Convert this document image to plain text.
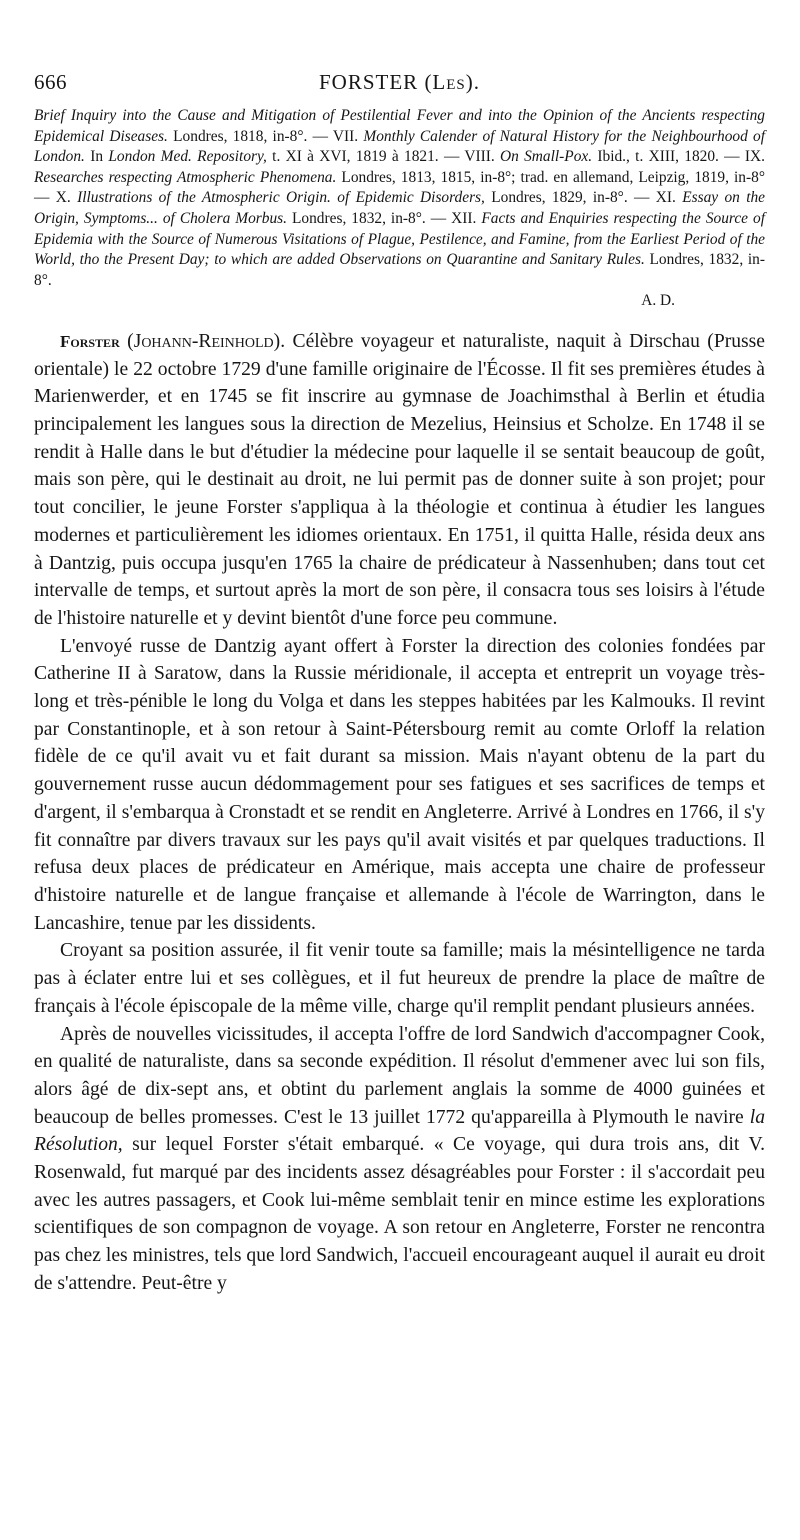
666	FORSTER (Les).
Brief Inquiry into the Cause and Mitigation of Pestilential Fever and into the Opinion of the Ancients respecting Epidemical Diseases. Londres, 1818, in-8°. — VII. Monthly Calender of Natural History for the Neighbourhood of London. In London Med. Repository, t. XI à XVI, 1819 à 1821. — VIII. On Small-Pox. Ibid., t. XIII, 1820. — IX. Researches respecting Atmospheric Phenomena. Londres, 1813, 1815, in-8°; trad. en allemand, Leipzig, 1819, in-8° — X. Illustrations of the Atmospheric Origin. of Epidemic Disorders, Londres, 1829, in-8°. — XI. Essay on the Origin, Symptoms... of Cholera Morbus. Londres, 1832, in-8°. — XII. Facts and Enquiries respecting the Source of Epidemia with the Source of Numerous Visitations of Plague, Pestilence, and Famine, from the Earliest Period of the World, tho the Present Day; to which are added Observations on Quarantine and Sanitary Rules. Londres, 1832, in-8°.
A. D.

Forster (Johann-Reinhold). Célèbre voyageur et naturaliste, naquit à Dirschau (Prusse orientale) le 22 octobre 1729 d'une famille originaire de l'Écosse. Il fit ses premières études à Marienwerder, et en 1745 se fit inscrire au gymnase de Joachimsthal à Berlin et étudia principalement les langues sous la direction de Mezelius, Heinsius et Scholze. En 1748 il se rendit à Halle dans le but d'étudier la médecine pour laquelle il se sentait beaucoup de goût, mais son père, qui le destinait au droit, ne lui permit pas de donner suite à son projet; pour tout concilier, le jeune Forster s'appliqua à la théologie et continua à étudier les langues modernes et particulièrement les idiomes orientaux. En 1751, il quitta Halle, résida deux ans à Dantzig, puis occupa jusqu'en 1765 la chaire de prédicateur à Nassenhuben; dans tout cet intervalle de temps, et surtout après la mort de son père, il consacra tous ses loisirs à l'étude de l'histoire naturelle et y devint bientôt d'une force peu commune.

L'envoyé russe de Dantzig ayant offert à Forster la direction des colonies fondées par Catherine II à Saratow, dans la Russie méridionale, il accepta et entreprit un voyage très-long et très-pénible le long du Volga et dans les steppes habitées par les Kalmouks. Il revint par Constantinople, et à son retour à Saint-Pétersbourg remit au comte Orloff la relation fidèle de ce qu'il avait vu et fait durant sa mission. Mais n'ayant obtenu de la part du gouvernement russe aucun dédommagement pour ses fatigues et ses sacrifices de temps et d'argent, il s'embarqua à Cronstadt et se rendit en Angleterre. Arrivé à Londres en 1766, il s'y fit connaître par divers travaux sur les pays qu'il avait visités et par quelques traductions. Il refusa deux places de prédicateur en Amérique, mais accepta une chaire de professeur d'histoire naturelle et de langue française et allemande à l'école de Warrington, dans le Lancashire, tenue par les dissidents.

Croyant sa position assurée, il fit venir toute sa famille; mais la mésintelligence ne tarda pas à éclater entre lui et ses collègues, et il fut heureux de prendre la place de maître de français à l'école épiscopale de la même ville, charge qu'il remplit pendant plusieurs années.

Après de nouvelles vicissitudes, il accepta l'offre de lord Sandwich d'accompagner Cook, en qualité de naturaliste, dans sa seconde expédition. Il résolut d'emmener avec lui son fils, alors âgé de dix-sept ans, et obtint du parlement anglais la somme de 4000 guinées et beaucoup de belles promesses. C'est le 13 juillet 1772 qu'appareilla à Plymouth le navire la Résolution, sur lequel Forster s'était embarqué. « Ce voyage, qui dura trois ans, dit V. Rosenwald, fut marqué par des incidents assez désagréables pour Forster : il s'accordait peu avec les autres passagers, et Cook lui-même semblait tenir en mince estime les explorations scientifiques de son compagnon de voyage. A son retour en Angleterre, Forster ne rencontra pas chez les ministres, tels que lord Sandwich, l'accueil encourageant auquel il aurait eu droit de s'attendre. Peut-être y
